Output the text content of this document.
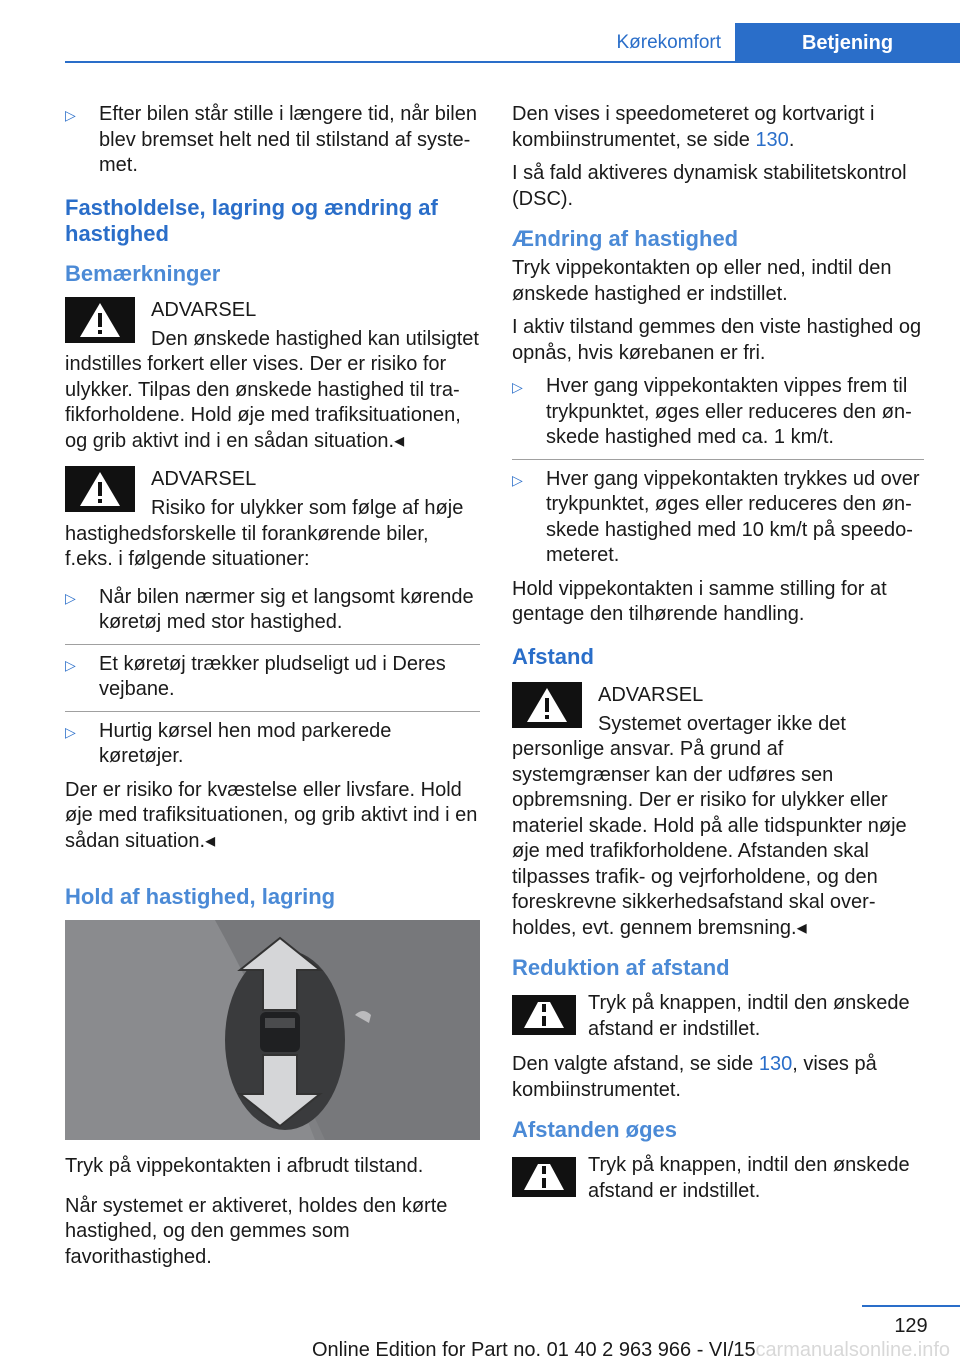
Kørekomfort	Betjening
▷	Efter bilen står stille i længere tid, når bilen blev bremset helt ned til stilstand af systemet.
Fastholdelse, lagring og ændring af hastighed
Bemærkninger
ADVARSEL
Den ønskede hastighed kan utilsigtet indstilles forkert eller vises. Der er risiko for ulykker. Tilpas den ønskede hastighed til trafikforholdene. Hold øje med trafiksituationen, og grib aktivt ind i en sådan situation.◂
ADVARSEL
Risiko for ulykker som følge af høje hastighedsforskelle til forankørende biler, f.eks. i følgende situationer:
▷	Når bilen nærmer sig et langsomt kørende køretøj med stor hastighed.
▷	Et køretøj trækker pludseligt ud i Deres vejbane.
▷	Hurtig kørsel hen mod parkerede køretøjer.

Der er risiko for kvæstelse eller livsfare. Hold øje med trafiksituationen, og grib aktivt ind i en sådan situation.◂

Hold af hastighed, lagring

Tryk på vippekontakten i afbrudt tilstand.

Når systemet er aktiveret, holdes den kørte hastighed, og den gemmes som favorithastighed.

Den vises i speedometeret og kortvarigt i kombiinstrumentet, se side 130.

I så fald aktiveres dynamisk stabilitetskontrol (DSC).

Ændring af hastighed

Tryk vippekontakten op eller ned, indtil den ønskede hastighed er indstillet.

I aktiv tilstand gemmes den viste hastighed og opnås, hvis kørebanen er fri.

▷	Hver gang vippekontakten vippes frem til trykpunktet, øges eller reduceres den ønskede hastighed med ca. 1 km/t.
▷	Hver gang vippekontakten trykkes ud over trykpunktet, øges eller reduceres den ønskede hastighed med 10 km/t på speedometeret.

Hold vippekontakten i samme stilling for at gentage den tilhørende handling.

Afstand
ADVARSEL
Systemet overtager ikke det personlige ansvar. På grund af systemgrænser kan der udføres sen opbremsning. Der er risiko for ulykker eller materiel skade. Hold på alle tidspunkter nøje øje med trafikforholdene. Afstanden skal tilpasses trafik- og vejrforholdene, og den foreskrevne sikkerhedsafstand skal overholdes, evt. gennem bremsning.◂
Reduktion af afstand
Tryk på knappen, indtil den ønskede afstand er indstillet.

Den valgte afstand, se side 130, vises på kombiinstrumentet.

Afstanden øges
Tryk på knappen, indtil den ønskede afstand er indstillet.
129
Online Edition for Part no. 01 40 2 963 966 - VI/15 carmanualsonline.info
